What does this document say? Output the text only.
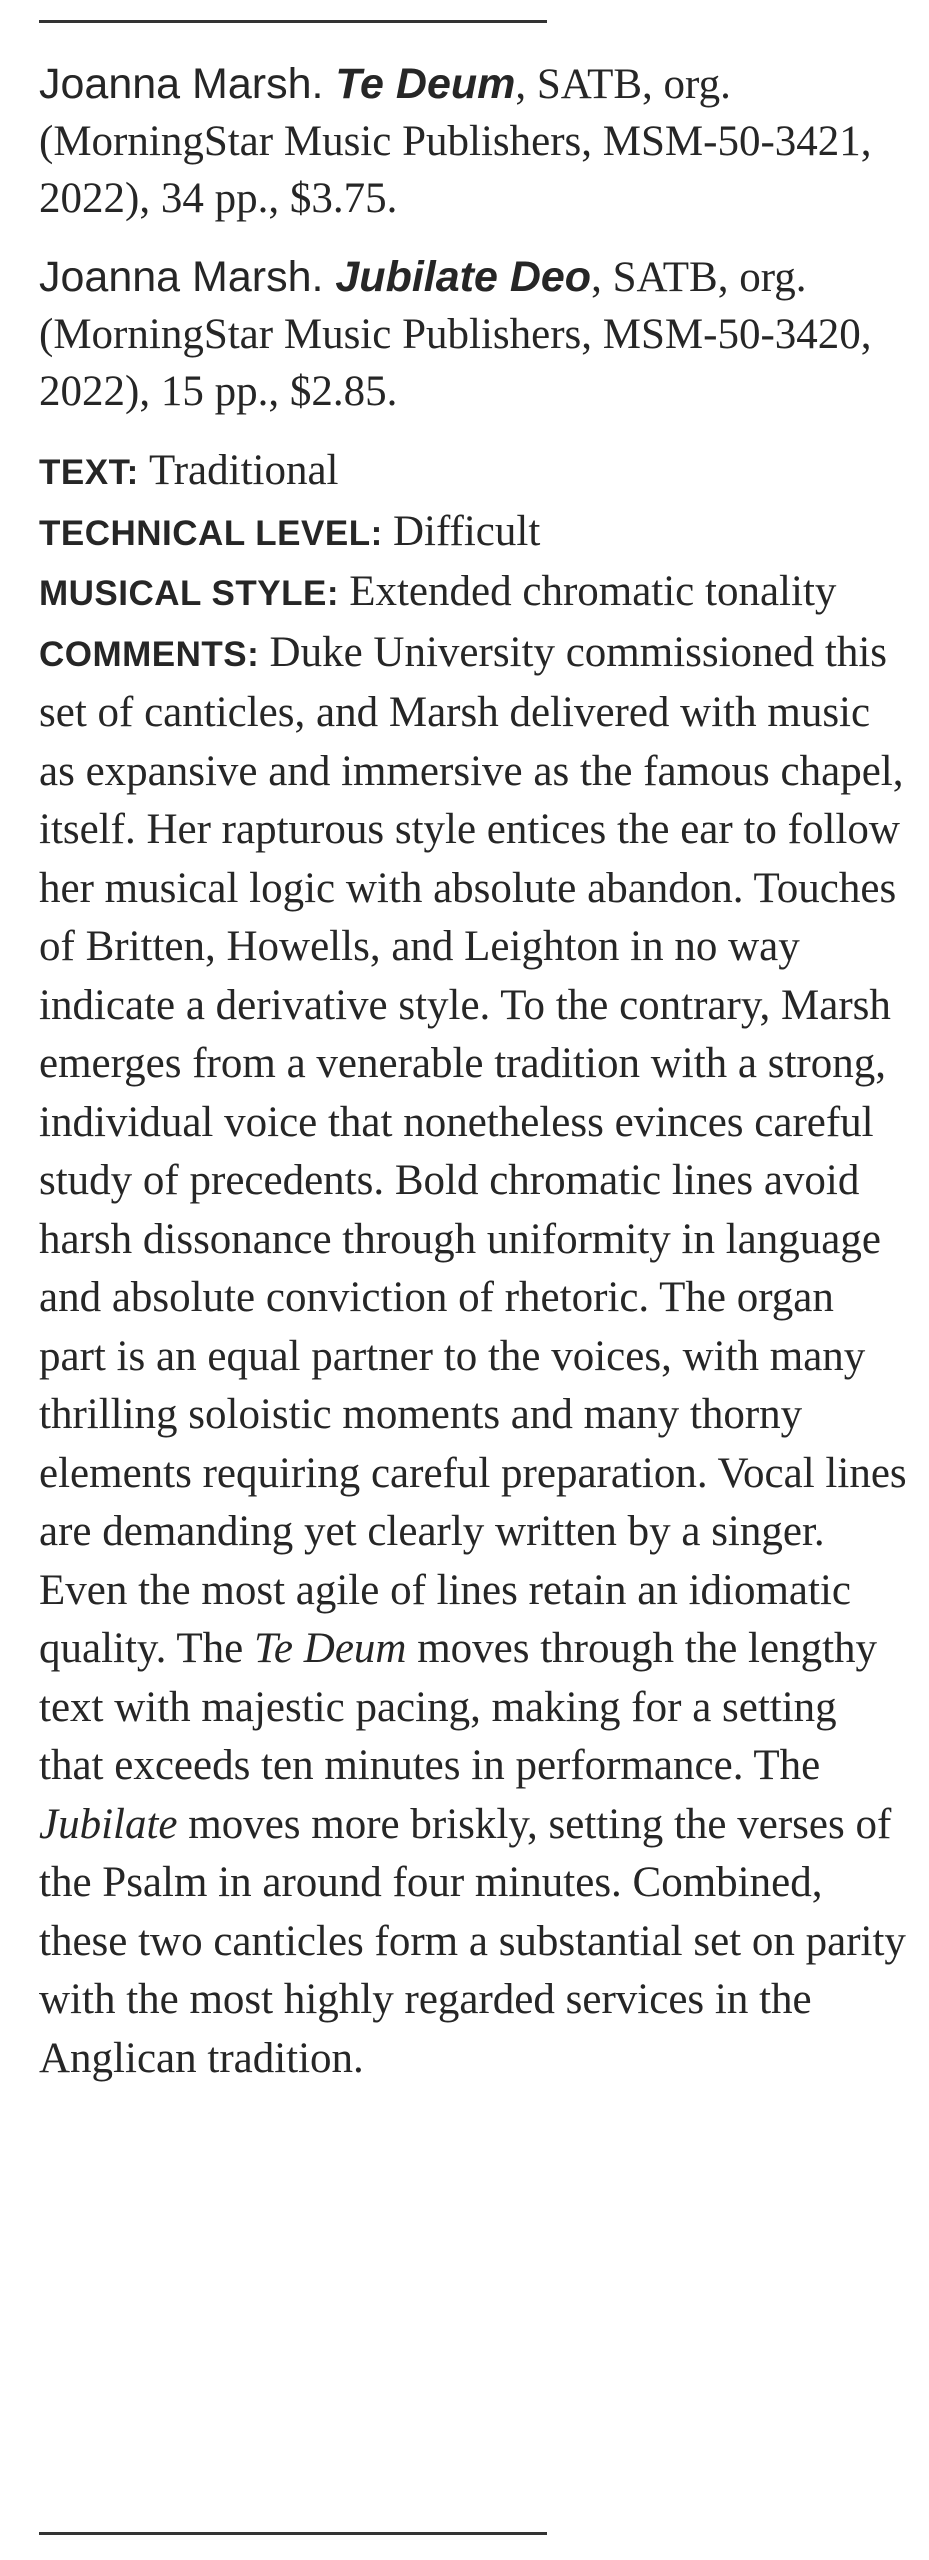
Joanna Marsh. Te Deum, SATB, org. (MorningStar Music Publishers, MSM-50-3421, 2022), 34 pp., $3.75.

Joanna Marsh. Jubilate Deo, SATB, org. (MorningStar Music Publishers, MSM-50-3420, 2022), 15 pp., $2.85.

TEXT: Traditional

TECHNICAL LEVEL: Difficult

MUSICAL STYLE: Extended chromatic tonality

COMMENTS: Duke University commissioned this set of canticles, and Marsh delivered with music as expansive and immersive as the famous chapel, itself. Her rapturous style entices the ear to follow her musical logic with absolute abandon. Touches of Britten, Howells, and Leighton in no way indicate a derivative style. To the contrary, Marsh emerges from a venerable tradition with a strong, individual voice that nonetheless evinces careful study of precedents. Bold chromatic lines avoid harsh dissonance through uniformity in language and absolute conviction of rhetoric. The organ part is an equal partner to the voices, with many thrilling soloistic moments and many thorny elements requiring careful preparation. Vocal lines are demanding yet clearly written by a singer. Even the most agile of lines retain an idiomatic quality. The Te Deum moves through the lengthy text with majestic pacing, making for a setting that exceeds ten minutes in performance. The Jubilate moves more briskly, setting the verses of the Psalm in around four minutes. Combined, these two canticles form a substantial set on parity with the most highly regarded services in the Anglican tradition.
